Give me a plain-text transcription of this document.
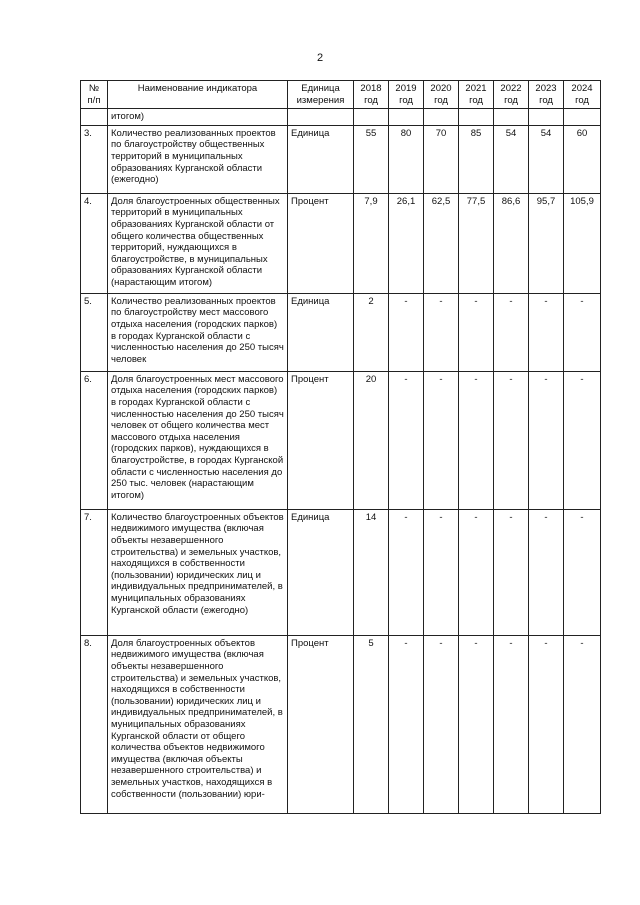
2
№ п/п	Наименование индикатора	Единица измерения	2018 год	2019 год	2020 год	2021 год	2022 год	2023 год	2024 год
	итогом)								
3.	Количество реализованных проектов по благоустройству общественных территорий в муниципальных образованиях Курганской области (ежегодно)	Единица	55	80	70	85	54	54	60
4.	Доля благоустроенных общественных территорий в муниципальных образованиях Курганской области от общего количества общественных территорий, нуждающихся в благоустройстве, в муниципальных образованиях Курганской области (нарастающим итогом)	Процент	7,9	26,1	62,5	77,5	86,6	95,7	105,9
5.	Количество реализованных проектов по благоустройству мест массового отдыха населения (городских парков) в городах Курганской области с численностью населения до 250 тысяч человек	Единица	2	-	-	-	-	-	-
6.	Доля благоустроенных мест массового отдыха населения (городских парков) в городах Курганской области с численностью населения до 250 тысяч человек от общего количества мест массового отдыха населения (городских парков), нуждающихся в благоустройстве, в городах Курганской области с численностью населения до 250 тыс. человек (нарастающим итогом)	Процент	20	-	-	-	-	-	-
7.	Количество благоустроенных объектов недвижимого имущества (включая объекты незавершенного строительства) и земельных участков, находящихся в собственности (пользовании) юридических лиц и индивидуальных предпринимателей, в муниципальных образованиях Курганской области (ежегодно)	Единица	14	-	-	-	-	-	-
8.	Доля благоустроенных объектов недвижимого имущества (включая объекты незавершенного строительства) и земельных участков, находящихся в собственности (пользовании) юридических лиц и индивидуальных предпринимателей, в муниципальных образованиях Курганской области от общего количества объектов недвижимого имущества (включая объекты незавершенного строительства) и земельных участков, находящихся в собственности (пользовании) юри-	Процент	5	-	-	-	-	-	-
